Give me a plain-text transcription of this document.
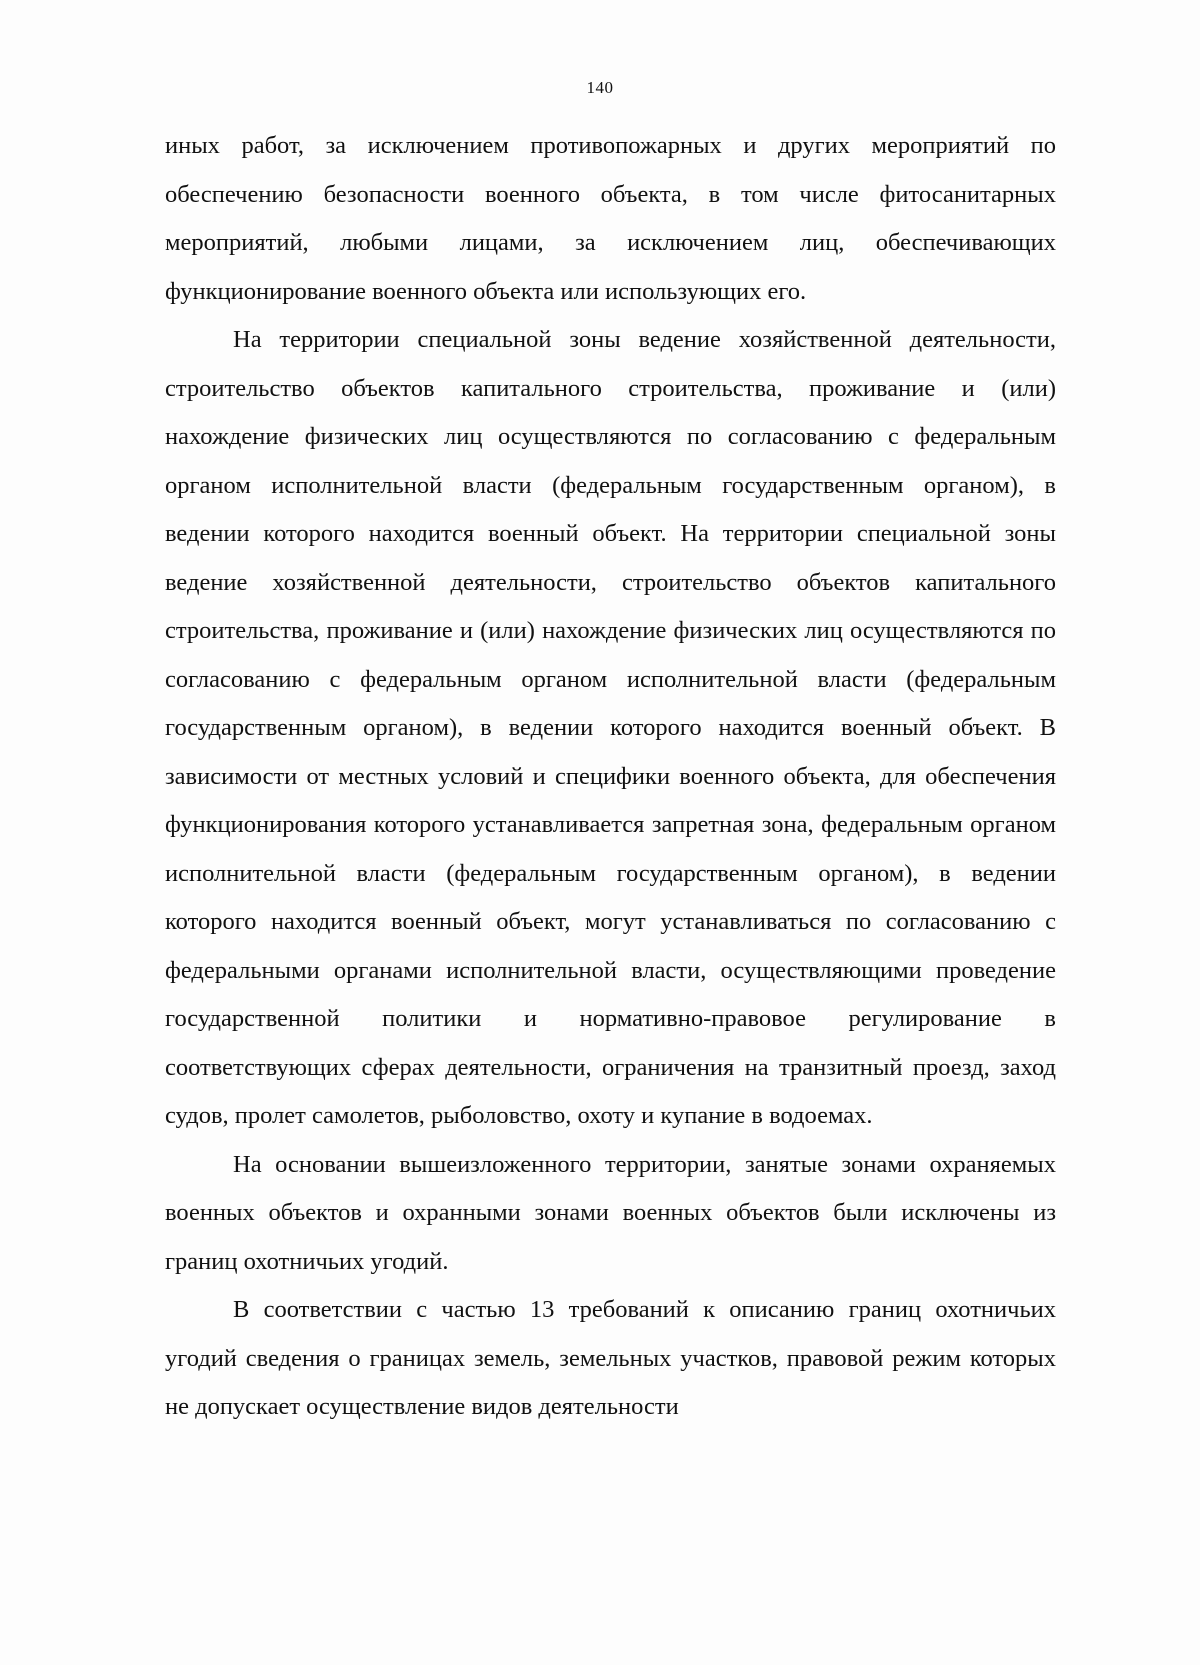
140

иных работ, за исключением противопожарных и других мероприятий по обеспечению безопасности военного объекта, в том числе фитосанитарных мероприятий, любыми лицами, за исключением лиц, обеспечивающих функционирование военного объекта или использующих его.

На территории специальной зоны ведение хозяйственной деятельности, строительство объектов капитального строительства, проживание и (или) нахождение физических лиц осуществляются по согласованию с федеральным органом исполнительной власти (федеральным государственным органом), в ведении которого находится военный объект. На территории специальной зоны ведение хозяйственной деятельности, строительство объектов капитального строительства, проживание и (или) нахождение физических лиц осуществляются по согласованию с федеральным органом исполнительной власти (федеральным государственным органом), в ведении которого находится военный объект. В зависимости от местных условий и специфики военного объекта, для обеспечения функционирования которого устанавливается запретная зона, федеральным органом исполнительной власти (федеральным государственным органом), в ведении которого находится военный объект, могут устанавливаться по согласованию с федеральными органами исполнительной власти, осуществляющими проведение государственной политики и нормативно-правовое регулирование в соответствующих сферах деятельности, ограничения на транзитный проезд, заход судов, пролет самолетов, рыболовство, охоту и купание в водоемах.

На основании вышеизложенного территории, занятые зонами охраняемых военных объектов и охранными зонами военных объектов были исключены из границ охотничьих угодий.

В соответствии с частью 13 требований к описанию границ охотничьих угодий сведения о границах земель, земельных участков, правовой режим которых не допускает осуществление видов деятельности
